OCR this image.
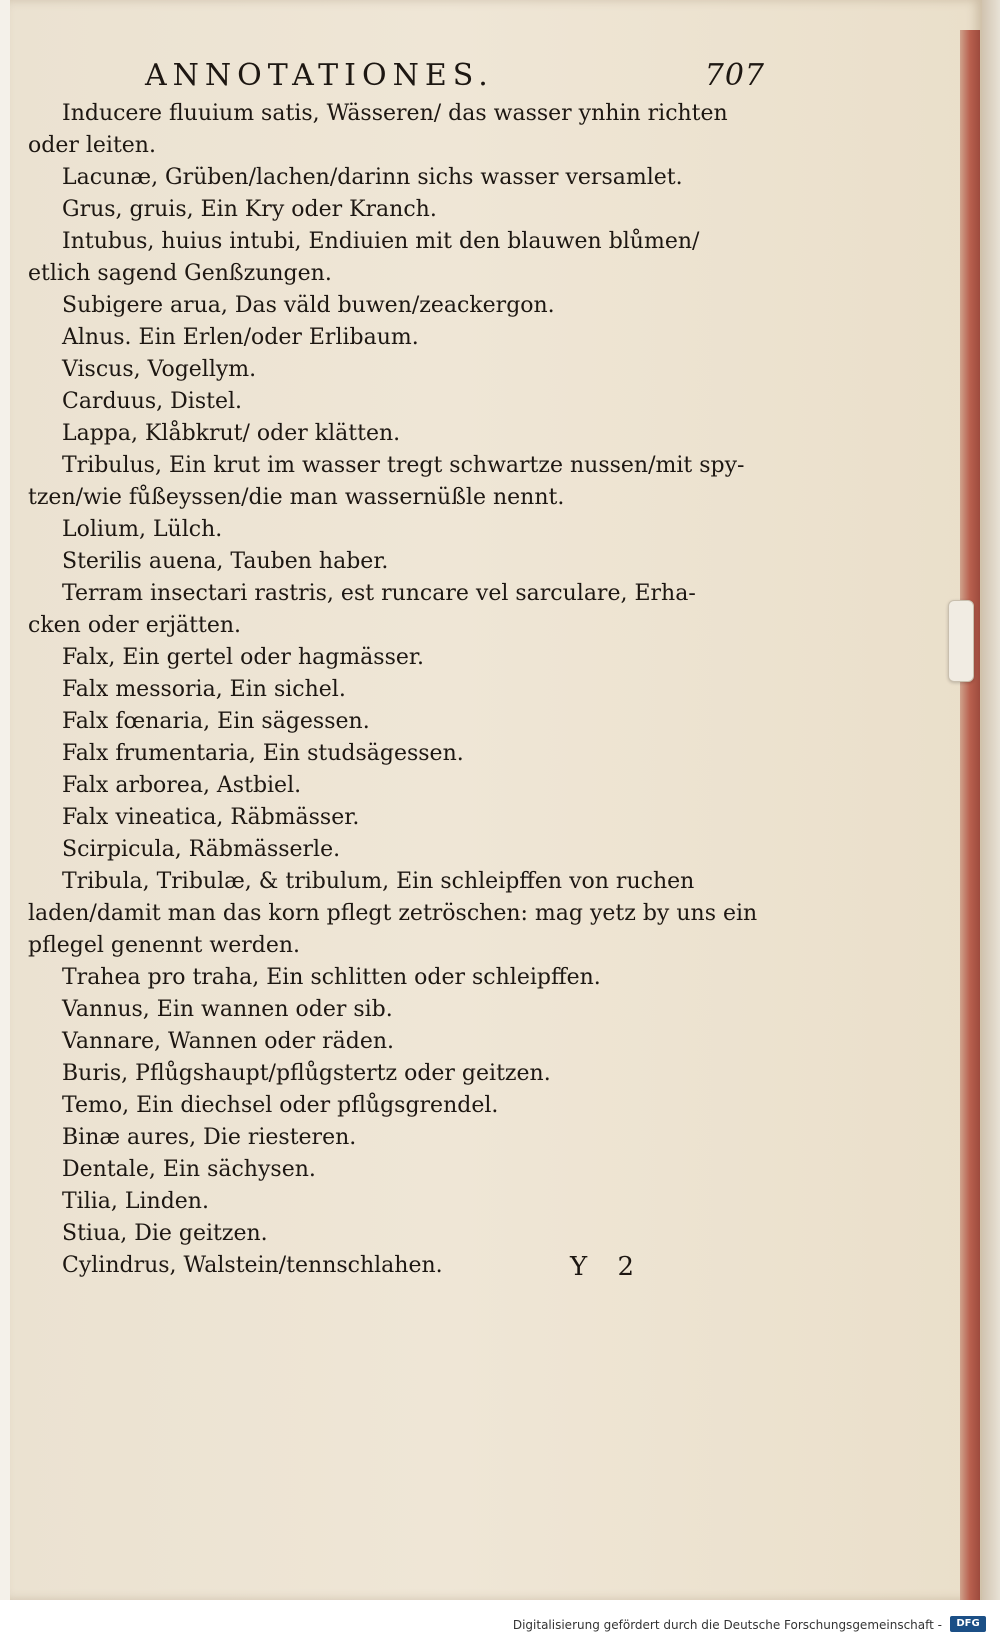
ANNOTATIONES.	707
Inducere fluuium satis, Wässeren/ das wasser ynhin richten
oder leiten.
Lacunæ, Grüben/lachen/darinn sichs wasser versamlet.
Grus, gruis, Ein Kry oder Kranch.
Intubus, huius intubi, Endiuien mit den blauwen blůmen/
etlich sagend Genßzungen.
Subigere arua, Das väld buwen/zeackergon.
Alnus. Ein Erlen/oder Erlibaum.
Viscus, Vogellym.
Carduus, Distel.
Lappa, Klåbkrut/ oder klätten.
Tribulus, Ein krut im wasser tregt schwartze nussen/mit spy-
tzen/wie fůßeyssen/die man wassernüßle nennt.
Lolium, Lülch.
Sterilis auena, Tauben haber.
Terram insectari rastris, est runcare vel sarculare, Erha-
cken oder erjätten.
Falx, Ein gertel oder hagmässer.
Falx messoria, Ein sichel.
Falx fœnaria, Ein sägessen.
Falx frumentaria, Ein studsägessen.
Falx arborea, Astbiel.
Falx vineatica, Räbmässer.
Scirpicula, Räbmässerle.
Tribula, Tribulæ, & tribulum, Ein schleipffen von ruchen
laden/damit man das korn pflegt zetröschen: mag yetz by uns ein
pflegel genennt werden.
Trahea pro traha, Ein schlitten oder schleipffen.
Vannus, Ein wannen oder sib.
Vannare, Wannen oder räden.
Buris, Pflůgshaupt/pflůgstertz oder geitzen.
Temo, Ein diechsel oder pflůgsgrendel.
Binæ aures, Die riesteren.
Dentale, Ein sächysen.
Tilia, Linden.
Stiua, Die geitzen.
Cylindrus, Walstein/tennschlahen.	Y 2
Digitalisierung gefördert durch die Deutsche Forschungsgemeinschaft -	DFG
